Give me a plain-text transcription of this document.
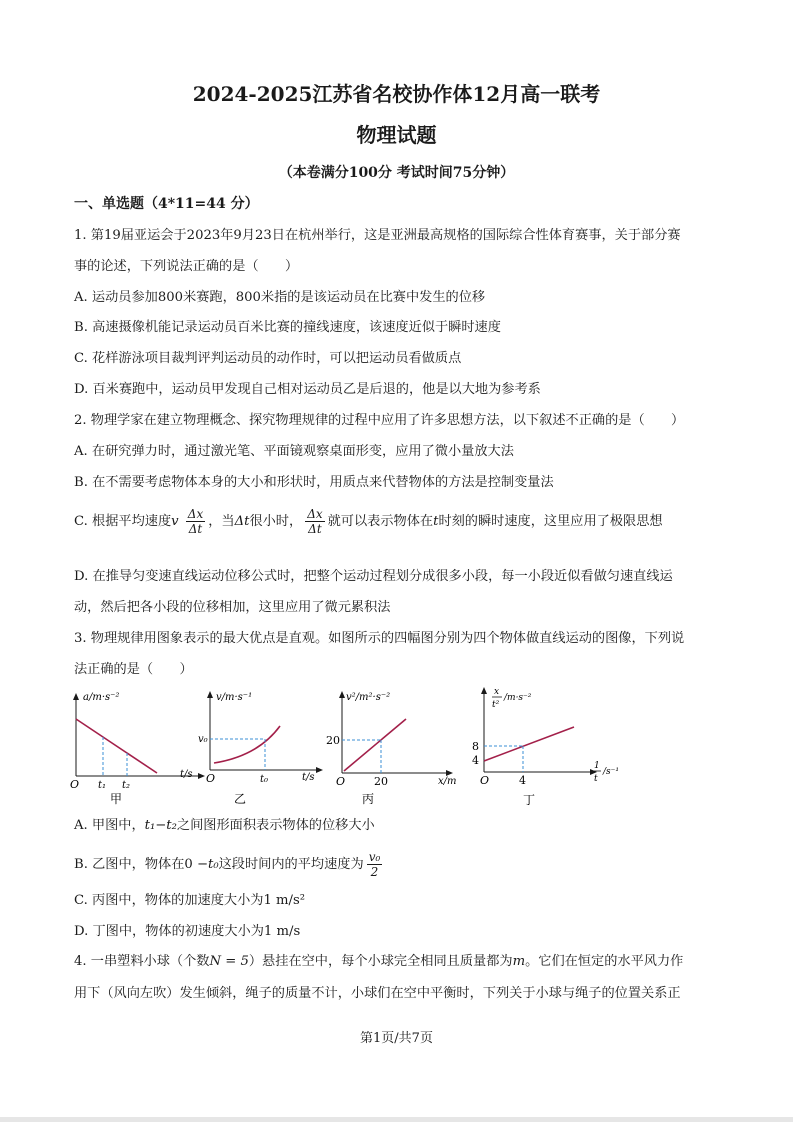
2024-2025江苏省名校协作体12月高一联考
物理试题
（本卷满分100分 考试时间75分钟）
一、单选题（4*11=44 分）
1. 第19届亚运会于2023年9月23日在杭州举行，这是亚洲最高规格的国际综合性体育赛事，关于部分赛
事的论述，下列说法正确的是（　　）
A. 运动员参加800米赛跑，800米指的是该运动员在比赛中发生的位移
B. 高速摄像机能记录运动员百米比赛的撞线速度，该速度近似于瞬时速度
C. 花样游泳项目裁判评判运动员的动作时，可以把运动员看做质点
D. 百米赛跑中，运动员甲发现自己相对运动员乙是后退的，他是以大地为参考系
2. 物理学家在建立物理概念、探究物理规律的过程中应用了许多思想方法，以下叙述不正确的是（　　）
A. 在研究弹力时，通过激光笔、平面镜观察桌面形变，应用了微小量放大法
B. 在不需要考虑物体本身的大小和形状时，用质点来代替物体的方法是控制变量法
C. 根据平均速度v $\frac{\Delta x}{\Delta t}$ ，当Δt很小时， $\frac{\Delta x}{\Delta t}$ 就可以表示物体在t时刻的瞬时速度，这里应用了极限思想
D. 在推导匀变速直线运动位移公式时，把整个运动过程划分成很多小段，每一小段近似看做匀速直线运
动，然后把各小段的位移相加，这里应用了微元累积法
3. 物理规律用图象表示的最大优点是直观。如图所示的四幅图分别为四个物体做直线运动的图像，下列说
法正确的是（　　）
a/m·s⁻²
t/s
O t₁ t₂
甲
v/m·s⁻¹
t/s
v₀
O	t₀
乙
v²/m²·s⁻²
x/m
20
O	20
丙
x
t²
/m·s⁻²
1
t
/s⁻¹
8
4
O	4
丁
A. 甲图中，t₁−t₂之间图形面积表示物体的位移大小
B. 乙图中，物体在0 −t₀这段时间内的平均速度为 $\frac{\text{v₀}}{2}$
C. 丙图中，物体的加速度大小为1 m/s²
D. 丁图中，物体的初速度大小为1 m/s
4. 一串塑料小球（个数N = 5）悬挂在空中，每个小球完全相同且质量都为m。它们在恒定的水平风力作
用下（风向左吹）发生倾斜，绳子的质量不计，小球们在空中平衡时，下列关于小球与绳子的位置关系正
第1页/共7页
